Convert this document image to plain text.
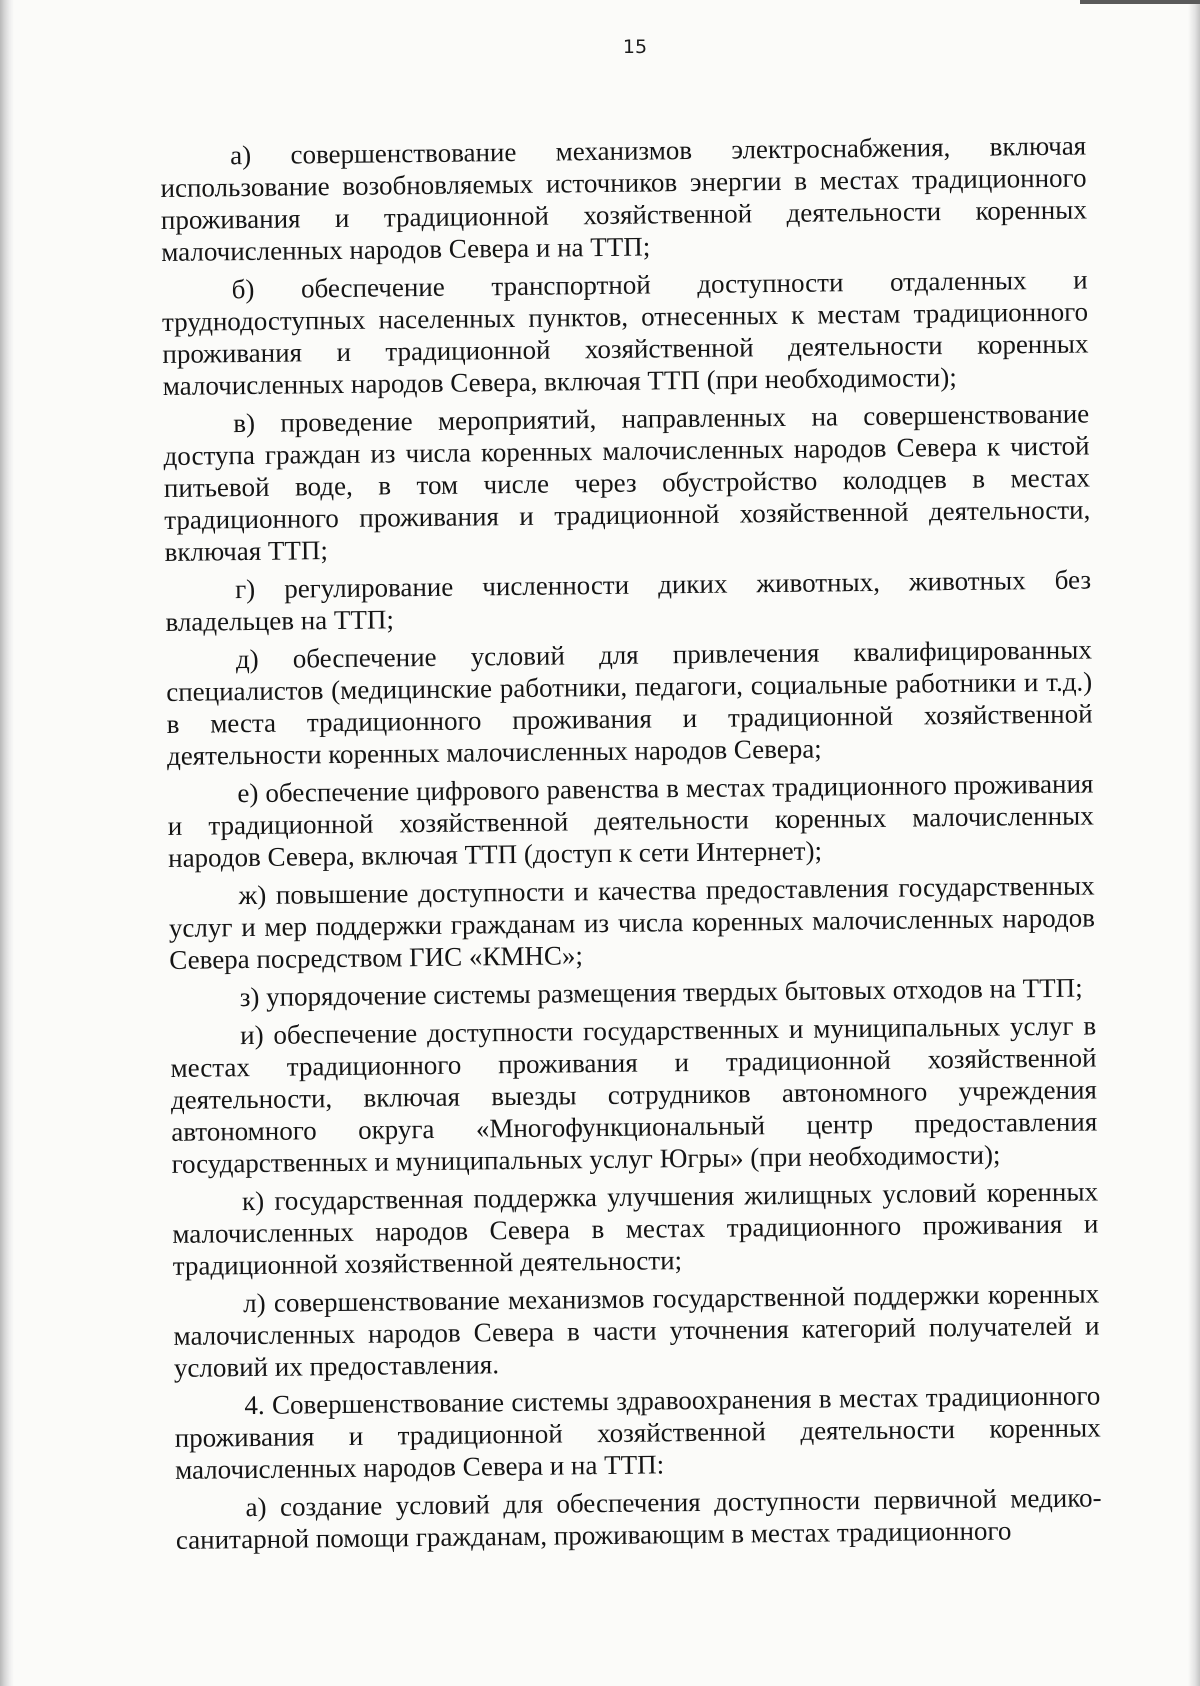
15

а) совершенствование механизмов электроснабжения, включая использование возобновляемых источников энергии в местах традиционного проживания и традиционной хозяйственной деятельности коренных малочисленных народов Севера и на ТТП;

б) обеспечение транспортной доступности отдаленных и труднодоступных населенных пунктов, отнесенных к местам традиционного проживания и традиционной хозяйственной деятельности коренных малочисленных народов Севера, включая ТТП (при необходимости);

в) проведение мероприятий, направленных на совершенствование доступа граждан из числа коренных малочисленных народов Севера к чистой питьевой воде, в том числе через обустройство колодцев в местах традиционного проживания и традиционной хозяйственной деятельности, включая ТТП;

г) регулирование численности диких животных, животных без владельцев на ТТП;

д) обеспечение условий для привлечения квалифицированных специалистов (медицинские работники, педагоги, социальные работники и т.д.) в места традиционного проживания и традиционной хозяйственной деятельности коренных малочисленных народов Севера;

е) обеспечение цифрового равенства в местах традиционного проживания и традиционной хозяйственной деятельности коренных малочисленных народов Севера, включая ТТП (доступ к сети Интернет);

ж) повышение доступности и качества предоставления государственных услуг и мер поддержки гражданам из числа коренных малочисленных народов Севера посредством ГИС «КМНС»;

з) упорядочение системы размещения твердых бытовых отходов на ТТП;

и) обеспечение доступности государственных и муниципальных услуг в местах традиционного проживания и традиционной хозяйственной деятельности, включая выезды сотрудников автономного учреждения автономного округа «Многофункциональный центр предоставления государственных и муниципальных услуг Югры» (при необходимости);

к) государственная поддержка улучшения жилищных условий коренных малочисленных народов Севера в местах традиционного проживания и традиционной хозяйственной деятельности;

л) совершенствование механизмов государственной поддержки коренных малочисленных народов Севера в части уточнения категорий получателей и условий их предоставления.

4. Совершенствование системы здравоохранения в местах традиционного проживания и традиционной хозяйственной деятельности коренных малочисленных народов Севера и на ТТП:

а) создание условий для обеспечения доступности первичной медико-санитарной помощи гражданам, проживающим в местах традиционного
